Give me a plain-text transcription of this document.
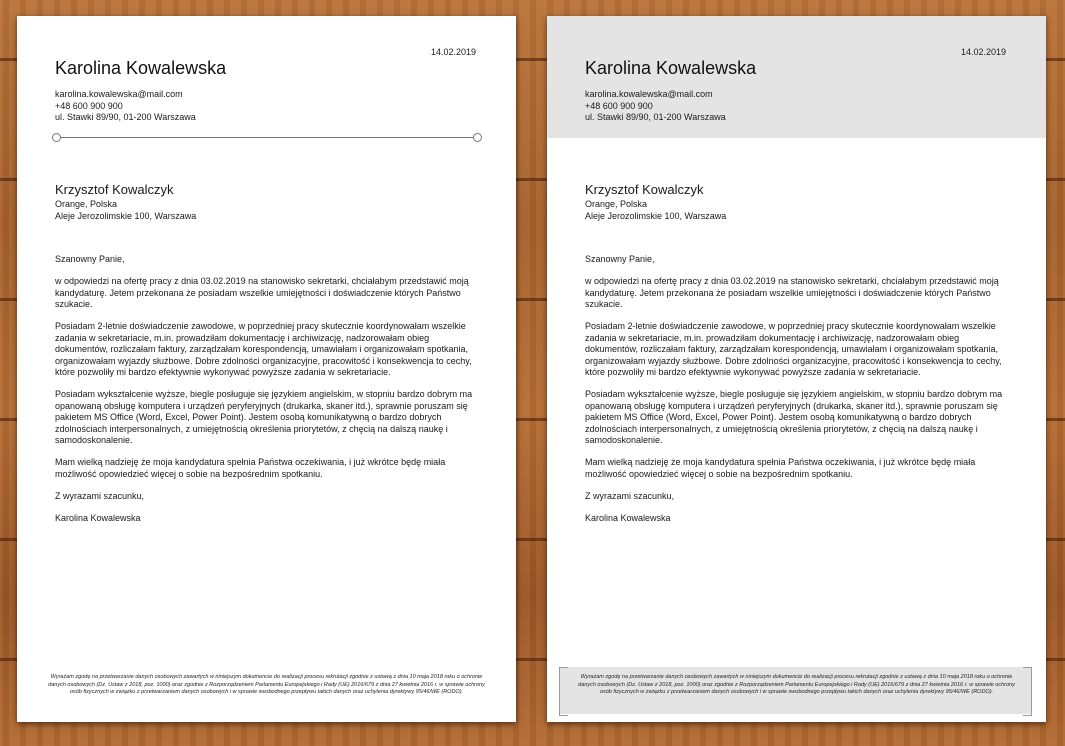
14.02.2019
Karolina Kowalewska
karolina.kowalewska@mail.com
+48 600 900 900
ul. Stawki 89/90, 01-200 Warszawa
Krzysztof Kowalczyk
Orange, Polska
Aleje Jerozolimskie 100, Warszawa

Szanowny Panie,

w odpowiedzi na ofertę pracy z dnia 03.02.2019 na stanowisko sekretarki, chciałabym przedstawić moją kandydaturę. Jetem przekonana że posiadam wszelkie umiejętności i doświadczenie których Państwo szukacie.

Posiadam 2-letnie doświadczenie zawodowe, w poprzedniej pracy skutecznie koordynowałam wszelkie zadania w sekretariacie, m.in. prowadziłam dokumentację i archiwizację, nadzorowałam obieg dokumentów, rozliczałam faktury, zarządzałam korespondencją, umawiałam i organizowałam spotkania, organizowałam wyjazdy służbowe. Dobre zdolności organizacyjne, pracowitość i konsekwencja to cechy, które pozwoliły mi bardzo efektywnie wykonywać powyższe zadania w sekretariacie.

Posiadam wykształcenie wyższe, biegle posługuje się językiem angielskim, w stopniu bardzo dobrym ma opanowaną obsługę komputera i urządzeń peryferyjnych (drukarka, skaner itd.), sprawnie poruszam się pakietem MS Office (Word, Excel, Power Point). Jestem osobą komunikatywną o bardzo dobrych zdolnościach interpersonalnych, z umiejętnością określenia priorytetów, z chęcią na dalszą naukę i samodoskonalenie.

Mam wielką nadzieję że moja kandydatura spełnia Państwa oczekiwania, i już wkrótce będę miała możliwość opowiedzieć więcej o sobie na bezpośrednim spotkaniu.

Z wyrazami szacunku,

Karolina Kowalewska

Wyrażam zgodę na przetwarzanie danych osobowych zawartych w niniejszym dokumencie do realizacji procesu rekrutacji zgodnie z ustawą z dnia 10 maja 2018 roku o ochronie danych osobowych (Dz. Ustaw z 2018, poz. 1000) oraz zgodnie z Rozporządzeniem Parlamentu Europejskiego i Rady (UE) 2016/679 z dnia 27 kwietnia 2016 r. w sprawie ochrony osób fizycznych w związku z przetwarzaniem danych osobowych i w sprawie swobodnego przepływu takich danych oraz uchylenia dyrektywy 95/46/WE (RODO).
14.02.2019
Karolina Kowalewska
karolina.kowalewska@mail.com
+48 600 900 900
ul. Stawki 89/90, 01-200 Warszawa
Krzysztof Kowalczyk
Orange, Polska
Aleje Jerozolimskie 100, Warszawa

Szanowny Panie,

w odpowiedzi na ofertę pracy z dnia 03.02.2019 na stanowisko sekretarki, chciałabym przedstawić moją kandydaturę. Jetem przekonana że posiadam wszelkie umiejętności i doświadczenie których Państwo szukacie.

Posiadam 2-letnie doświadczenie zawodowe, w poprzedniej pracy skutecznie koordynowałam wszelkie zadania w sekretariacie, m.in. prowadziłam dokumentację i archiwizację, nadzorowałam obieg dokumentów, rozliczałam faktury, zarządzałam korespondencją, umawiałam i organizowałam spotkania, organizowałam wyjazdy służbowe. Dobre zdolności organizacyjne, pracowitość i konsekwencja to cechy, które pozwoliły mi bardzo efektywnie wykonywać powyższe zadania w sekretariacie.

Posiadam wykształcenie wyższe, biegle posługuje się językiem angielskim, w stopniu bardzo dobrym ma opanowaną obsługę komputera i urządzeń peryferyjnych (drukarka, skaner itd.), sprawnie poruszam się pakietem MS Office (Word, Excel, Power Point). Jestem osobą komunikatywną o bardzo dobrych zdolnościach interpersonalnych, z umiejętnością określenia priorytetów, z chęcią na dalszą naukę i samodoskonalenie.

Mam wielką nadzieję że moja kandydatura spełnia Państwa oczekiwania, i już wkrótce będę miała możliwość opowiedzieć więcej o sobie na bezpośrednim spotkaniu.

Z wyrazami szacunku,

Karolina Kowalewska

Wyrażam zgodę na przetwarzanie danych osobowych zawartych w niniejszym dokumencie do realizacji procesu rekrutacji zgodnie z ustawą z dnia 10 maja 2018 roku o ochronie danych osobowych (Dz. Ustaw z 2018, poz. 1000) oraz zgodnie z Rozporządzeniem Parlamentu Europejskiego i Rady (UE) 2016/679 z dnia 27 kwietnia 2016 r. w sprawie ochrony osób fizycznych w związku z przetwarzaniem danych osobowych i w sprawie swobodnego przepływu takich danych oraz uchylenia dyrektywy 95/46/WE (RODO).
